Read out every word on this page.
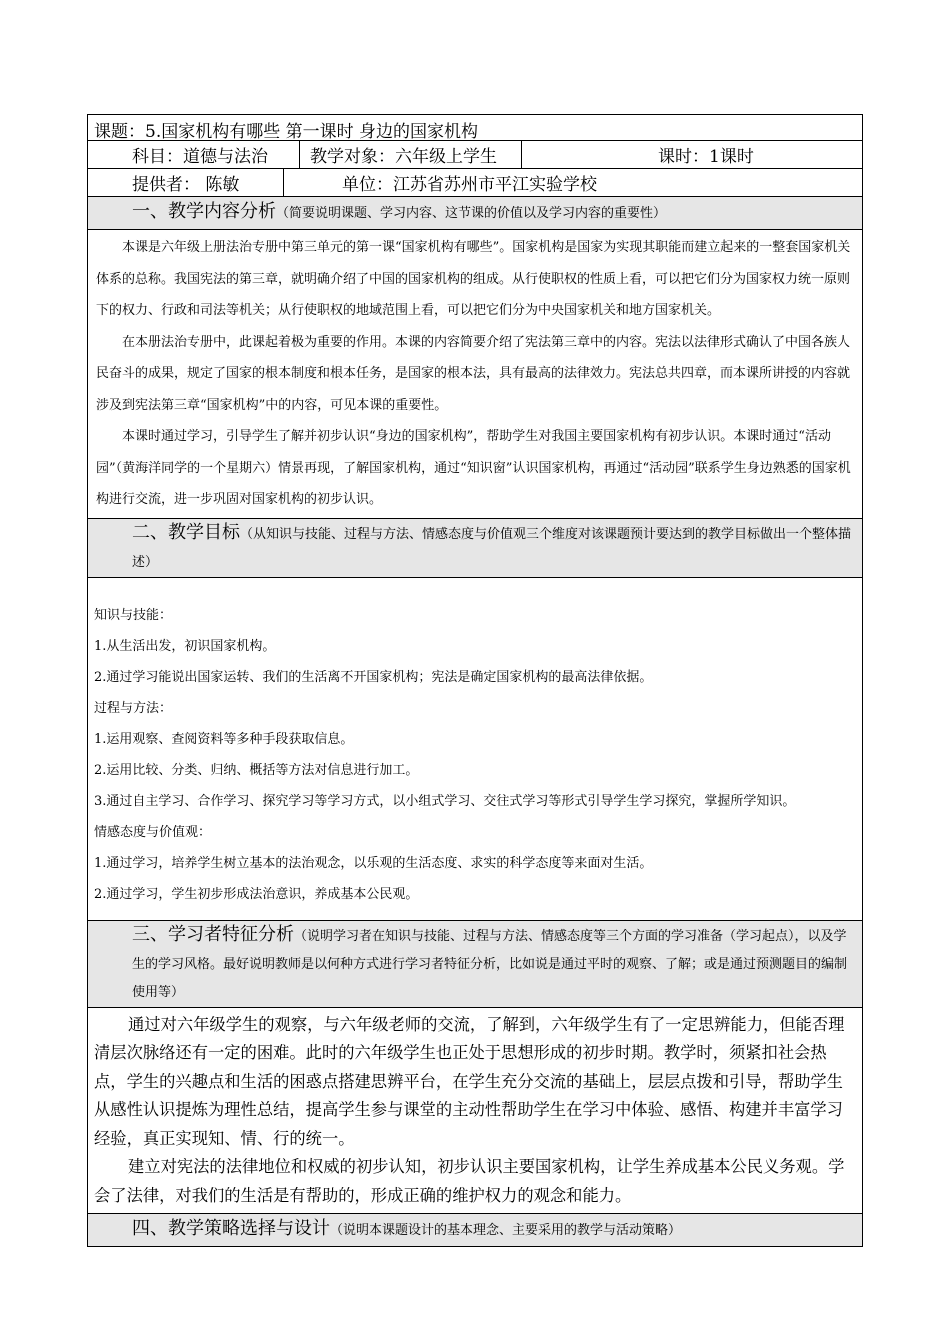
课题：5.国家机构有哪些 第一课时 身边的国家机构
科目：道德与法治 教学对象：六年级上学生	课时：1课时
提供者： 陈敏	单位：江苏省苏州市平江实验学校
一、教学内容分析（简要说明课题、学习内容、这节课的价值以及学习内容的重要性）

本课是六年级上册法治专册中第三单元的第一课“国家机构有哪些”。国家机构是国家为实现其职能而建立起来的一整套国家机关体系的总称。我国宪法的第三章，就明确介绍了中国的国家机构的组成。从行使职权的性质上看，可以把它们分为国家权力统一原则下的权力、行政和司法等机关；从行使职权的地域范围上看，可以把它们分为中央国家机关和地方国家机关。

在本册法治专册中，此课起着极为重要的作用。本课的内容简要介绍了宪法第三章中的内容。宪法以法律形式确认了中国各族人民奋斗的成果，规定了国家的根本制度和根本任务，是国家的根本法，具有最高的法律效力。宪法总共四章，而本课所讲授的内容就涉及到宪法第三章“国家机构”中的内容，可见本课的重要性。

本课时通过学习，引导学生了解并初步认识“身边的国家机构”，帮助学生对我国主要国家机构有初步认识。本课时通过“活动园”（黄海洋同学的一个星期六）情景再现，了解国家机构，通过“知识窗”认识国家机构，再通过“活动园”联系学生身边熟悉的国家机构进行交流，进一步巩固对国家机构的初步认识。

二、教学目标（从知识与技能、过程与方法、情感态度与价值观三个维度对该课题预计要达到的教学目标做出一个整体描述）

知识与技能：

1.从生活出发，初识国家机构。

2.通过学习能说出国家运转、我们的生活离不开国家机构；宪法是确定国家机构的最高法律依据。

过程与方法：

1.运用观察、查阅资料等多种手段获取信息。

2.运用比较、分类、归纳、概括等方法对信息进行加工。

3.通过自主学习、合作学习、探究学习等学习方式，以小组式学习、交往式学习等形式引导学生学习探究，掌握所学知识。

情感态度与价值观：

1.通过学习，培养学生树立基本的法治观念，以乐观的生活态度、求实的科学态度等来面对生活。

2.通过学习，学生初步形成法治意识，养成基本公民观。

三、学习者特征分析（说明学习者在知识与技能、过程与方法、情感态度等三个方面的学习准备（学习起点），以及学生的学习风格。最好说明教师是以何种方式进行学习者特征分析，比如说是通过平时的观察、了解；或是通过预测题目的编制使用等）

通过对六年级学生的观察，与六年级老师的交流，了解到，六年级学生有了一定思辨能力，但能否理清层次脉络还有一定的困难。此时的六年级学生也正处于思想形成的初步时期。教学时，须紧扣社会热点，学生的兴趣点和生活的困惑点搭建思辨平台，在学生充分交流的基础上，层层点拨和引导，帮助学生从感性认识提炼为理性总结，提高学生参与课堂的主动性帮助学生在学习中体验、感悟、构建并丰富学习经验，真正实现知、情、行的统一。

建立对宪法的法律地位和权威的初步认知，初步认识主要国家机构，让学生养成基本公民义务观。学会了法律，对我们的生活是有帮助的，形成正确的维护权力的观念和能力。

四、教学策略选择与设计（说明本课题设计的基本理念、主要采用的教学与活动策略）
